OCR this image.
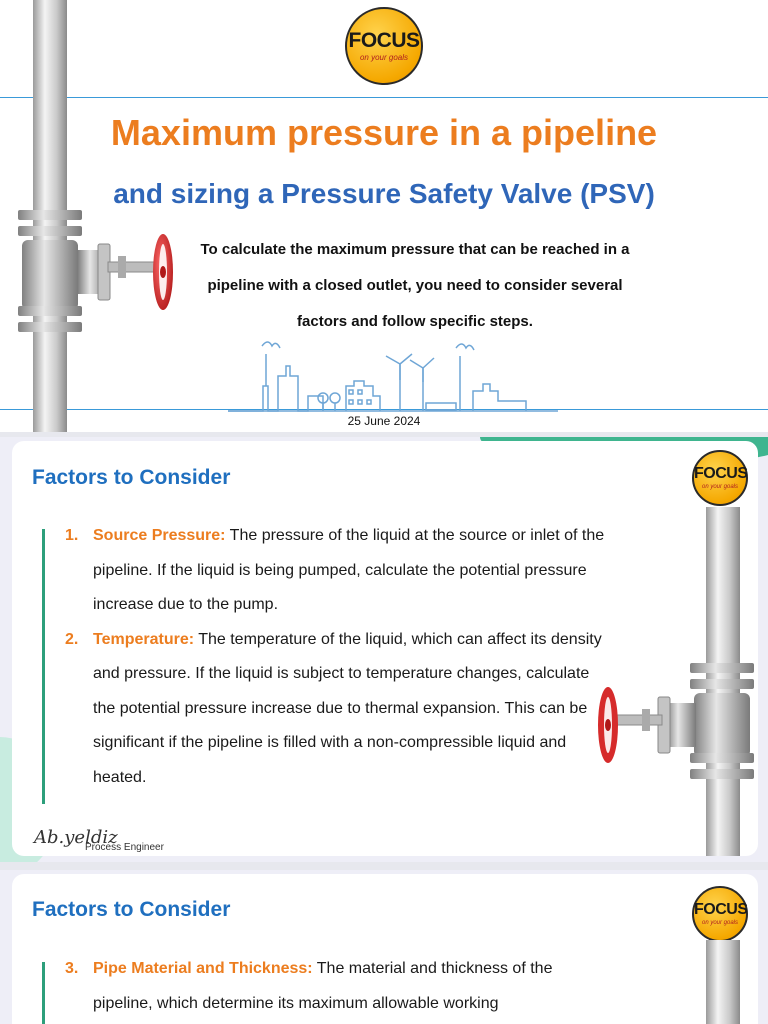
FOCUS
on your goals
Maximum pressure in a pipeline
and sizing a Pressure Safety Valve (PSV)

To calculate the maximum pressure that can be reached in a pipeline with a closed outlet, you need to consider several factors and follow specific steps.

25 June 2024
Factors to Consider	FOCUS
on your goals
1. Source Pressure: The pressure of the liquid at the source or inlet of the pipeline. If the liquid is being pumped, calculate the potential pressure increase due to the pump.
2. Temperature: The temperature of the liquid, which can affect its density and pressure. If the liquid is subject to temperature changes, calculate the potential pressure increase due to thermal expansion. This can be significant if the pipeline is filled with a non-compressible liquid and heated.
Ab.yeldiz
Process Engineer
Factors to Consider	FOCUS
on your goals
3. Pipe Material and Thickness: The material and thickness of the pipeline, which determine its maximum allowable working
